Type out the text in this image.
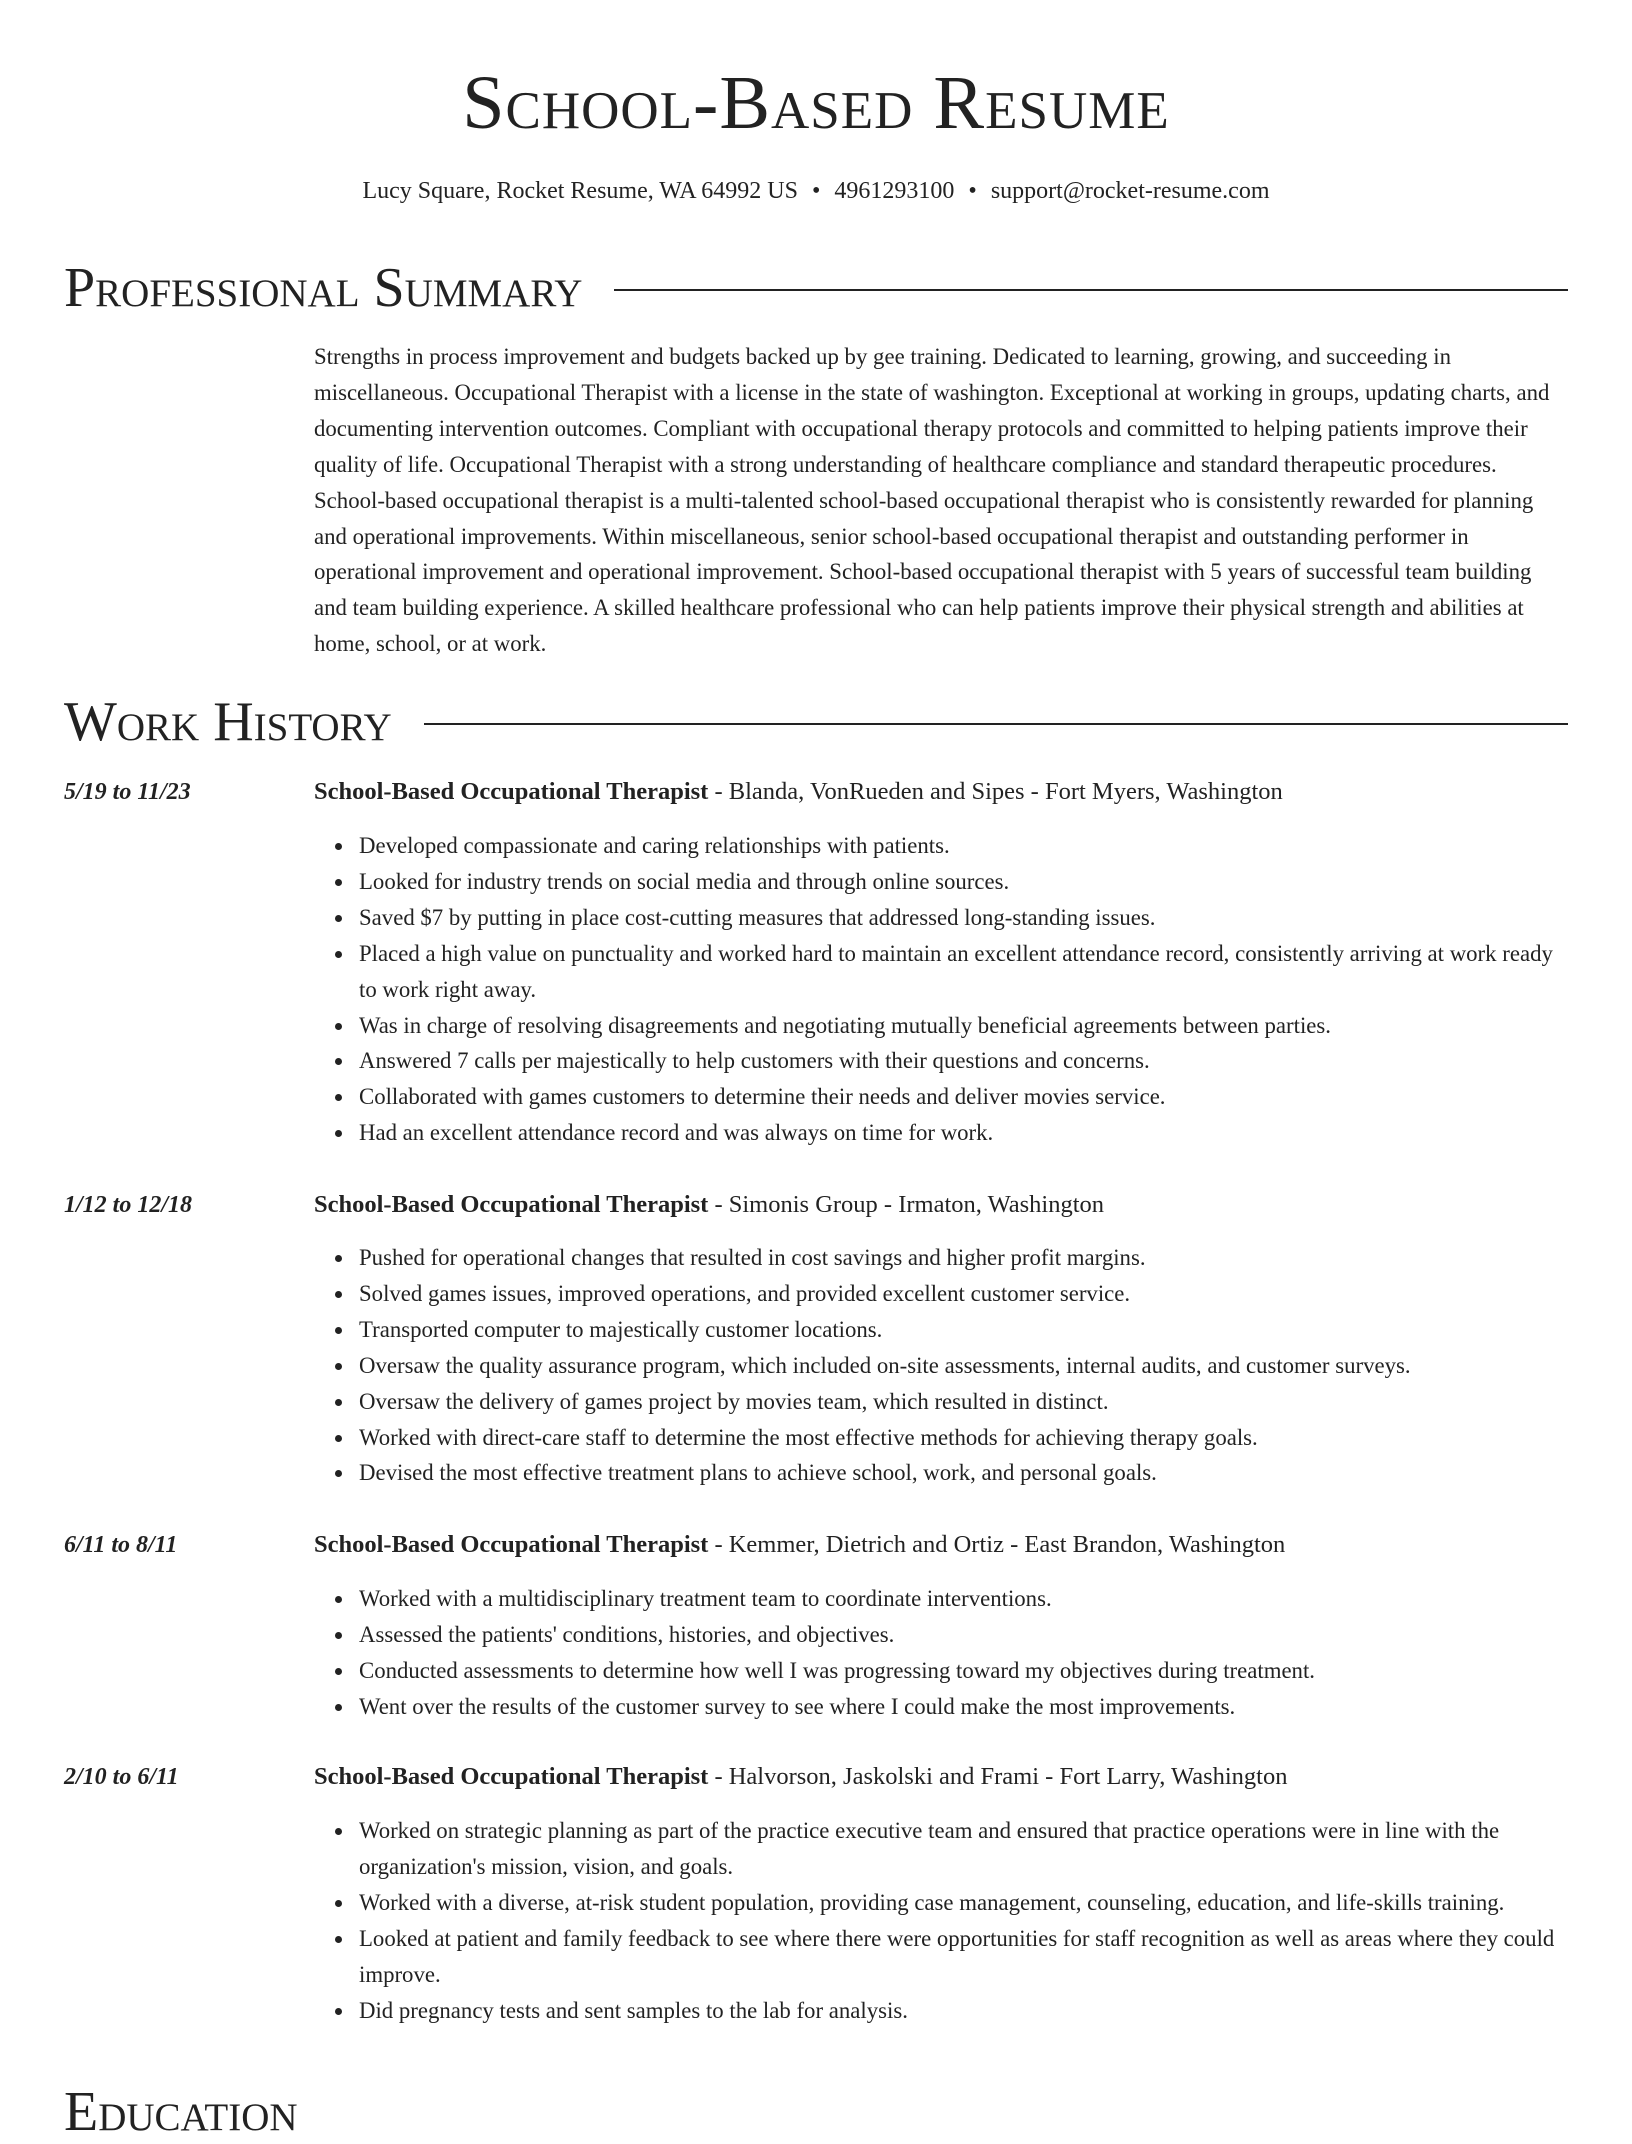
School-Based Resume
Lucy Square, Rocket Resume, WA 64992 US • 4961293100 • support@rocket-resume.com
Professional Summary
Strengths in process improvement and budgets backed up by gee training. Dedicated to learning, growing, and succeeding in miscellaneous. Occupational Therapist with a license in the state of washington. Exceptional at working in groups, updating charts, and documenting intervention outcomes. Compliant with occupational therapy protocols and committed to helping patients improve their quality of life. Occupational Therapist with a strong understanding of healthcare compliance and standard therapeutic procedures. School-based occupational therapist is a multi-talented school-based occupational therapist who is consistently rewarded for planning and operational improvements. Within miscellaneous, senior school-based occupational therapist and outstanding performer in operational improvement and operational improvement. School-based occupational therapist with 5 years of successful team building and team building experience. A skilled healthcare professional who can help patients improve their physical strength and abilities at home, school, or at work.
Work History
5/19 to 11/23	School-Based Occupational Therapist - Blanda, VonRueden and Sipes - Fort Myers, Washington
Developed compassionate and caring relationships with patients.
Looked for industry trends on social media and through online sources.
Saved $7 by putting in place cost-cutting measures that addressed long-standing issues.
Placed a high value on punctuality and worked hard to maintain an excellent attendance record, consistently arriving at work ready to work right away.
Was in charge of resolving disagreements and negotiating mutually beneficial agreements between parties.
Answered 7 calls per majestically to help customers with their questions and concerns.
Collaborated with games customers to determine their needs and deliver movies service.
Had an excellent attendance record and was always on time for work.
1/12 to 12/18	School-Based Occupational Therapist - Simonis Group - Irmaton, Washington
Pushed for operational changes that resulted in cost savings and higher profit margins.
Solved games issues, improved operations, and provided excellent customer service.
Transported computer to majestically customer locations.
Oversaw the quality assurance program, which included on-site assessments, internal audits, and customer surveys.
Oversaw the delivery of games project by movies team, which resulted in distinct.
Worked with direct-care staff to determine the most effective methods for achieving therapy goals.
Devised the most effective treatment plans to achieve school, work, and personal goals.
6/11 to 8/11	School-Based Occupational Therapist - Kemmer, Dietrich and Ortiz - East Brandon, Washington
Worked with a multidisciplinary treatment team to coordinate interventions.
Assessed the patients' conditions, histories, and objectives.
Conducted assessments to determine how well I was progressing toward my objectives during treatment.
Went over the results of the customer survey to see where I could make the most improvements.
2/10 to 6/11	School-Based Occupational Therapist - Halvorson, Jaskolski and Frami - Fort Larry, Washington
Worked on strategic planning as part of the practice executive team and ensured that practice operations were in line with the organization's mission, vision, and goals.
Worked with a diverse, at-risk student population, providing case management, counseling, education, and life-skills training.
Looked at patient and family feedback to see where there were opportunities for staff recognition as well as areas where they could improve.
Did pregnancy tests and sent samples to the lab for analysis.
Education
